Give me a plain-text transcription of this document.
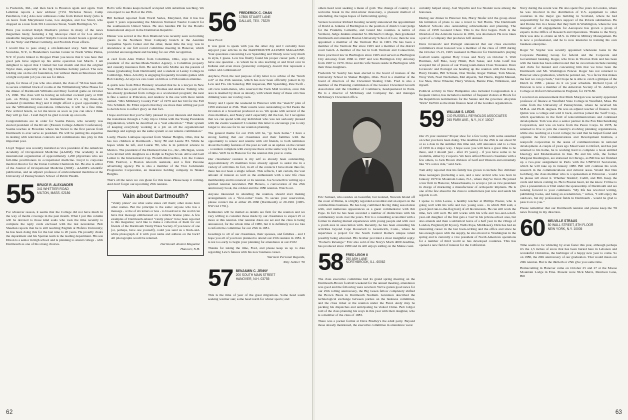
to Frederick, Md., and then back to Houston again and again. Tom Lehrman reports a new address: [7151 Nicholas Street, Camp Pendleton, Cal.] Also new addresses come from Robert Kiely (who is on leave from Marymount Lane, Los Angeles, and Joe Sived, who dropped us a note from 301 Lawrence Street, South Burlington, Vt.

Have you noticed Ralph Dredian's picture in many of the news magazines lately, featuring a big telescope cited at for Los Altos's unsuitable language wrestle? Ralph's Corona model boasts a grand eye for the 'Strip' and Hubert Grimsby, and Fredrick Prout efforts.

I would like to pass along a old-fashioned story. Sam Deuser of Scarsdale, N.Y., is Hunderlen's Garden Center in North White Plains, N.Y. If you're hinted to Dropper Plant you know that it was here that good pals have signed up his entire operation last March. I am delighted to report that I visited but last month and that the original Taylor men, especially at the big Christmas holiday period. The new holding site on the old foundation, but without them architectures with a bright red paint job you can see for miles.

Again, for those of you who also attend, the class of '56 has been able to secure a limited block of rooms at the Williamsburg Wine House for the dinner of Dartmouth Williams and Mary football game on October 15, 1960. The class will be having an informal cocktail party at 9:00 p.m. on Friday, October 14. Remember that it's a big three-day weekend (Columbus Day) and it might afford a good opportunity to see the Williamsburg restorations. Otherwise, it will be a fine time. Few arrived hotels, so let me know as soon as you can since I think they will go fast - I said they'd be glad to trade up on room.

Congratulations are in order for Soame Peters, who recently was elected president of the RCAC (Eastern College Athletic Conference). Soame teaches at Bowdoin where his Stever is the first person from Dartmouth to ever serve as president. He will be putting his expertise in dealing with television contracts and commissions into play in this important post.

Lloyd Tupper was recently installed as vice president of the American Academy of Occupational Medicine (AAOM). The academy is an international organization of approximately 1,200 physicians who are full-time practitioners in occupational medicine. Lloyd is corporate medical director for the Union Carbide Chemicals Inc. He also is editor of the Journal of Occupational Medicine (JOM) - AAOM's scientific publication, and an adjunct professor of environmental medicine at the University of Pennsylvania's School of Public Health.

55 BRUCE R. ALEXANDER
341 WHITTIER ROAD
MILTON, MASS. 02186

For whatever reason, it seems that the College did not have much in the way of media coverage in the past month. What I put this column will be devoted to those kind souls who took the time recently to complete the reply cards enclosed with the last newsletter. Bob Sheehan reports that he is still teaching English at Hofstra University; he has been doing this for the last nine to 20 years. He proudly chairs the department and his Spartan team is the leading department. His son Dixon is a senior in high school and is planning to attend college - with Dartmouth as one of his strong choices.

Bob's wife Donna keeps herself occupied with substitute teaching. We can expect to see Bob at the 25th.

Bill Kelleed reported from World Series, Maryland, that it has has spent 5 years representing the Mexican National Tourist Council for the southeastern United States. He also handles PR for the Borello International Airport in the Dominican Republic.

Dinner was served at the Don Diamond was recently seen welcoming guests to the Northern Trust Company branch at the Austrian Jacqueline Sports Center and the other, mean time the way, was in attendance at our full record committee meeting in Hanover, which provided encouragement and backing for our 25th recognition.

A card from Alan Waller from Columbus, Ohio, says that he is president of the Archer-Meek-Wexler Agency, a Columbus property and casualty insurance firm. He and his wife Mollie are the parents of Susan (graduating from Dartmouth) and a student at Lesley College in Cambridge, Mass. A hobby is engaging frequently in tennis games with Bob Lindley. Al says we can count on him as a 25th reunion attendee.

A quick note from Elliot Hennery revealed that he is a lawyer in New York. Elliot has a pair of twin sons, Thomas and Andrew. Tommy, who has already graduated from college as a accelerated program; the next is fine a senior at Princeton, and Andrew is the one with more tennis named. "Mrs Millsberry County Fair" of 1979 and her bid for the Fall Trio Schmidt. Dr. Elliot reports that they are more than willing per port to decide how to reflect glory on that fact.

I hope and trust that you've fully pleased in your interests and made in the transitions through a 7-day trip to China with the Young Presidents Organization, which he described as a "real education." "Their system of keeping everybody working at a job on all the organizational meetings and sayings are the same system or our returns commission."

Lastly, Hoerie LaRoque reported from Shaker Heights, Ohio, that he has two children at Dartmouth - Terry '80 and Laurie '83. While he hopes while he left, and Laurie '80, who is in political science in Mexico. The president of the Diamond Glue Co., Inc., Michigan, wants to be invited with daughters as a Ralph as Eagles Scout. Alive and Gail Lemur is the International Cap. Fiorelli-Maccardino, Ltd. the Cannes Film Festival, a Boston telecom assistant, and a first Peronne advertising agency. He is also a member of the Vice Jackinstein Progressive Corporation, an insurance holding company in Shaker Heights.

That's all the news we can glean for this issue. Please keep it coming. And don't forget our upcoming 25th reunion.

Vain about Dartmouth?

"Vanity plates" are what some states call them; other states have other names. But the principle is the same: anyone who has a message - or the of six letters or less - to broadcast to the world can have that message emblazoned on a vehicle license plate. A few examples of Dartmouth-related "vanity plates" have been reported to this magazine; we'd like to make a collection of them for our friends of the Dartmouth Vanity Plates Society. If you know of one (or, perhaps, have one yourself), could you send us a black-and-white photograph of it with your name and address on the back? All photographs would be returned.

Dartmouth Alumni Magazine

Hanover, N.H.

56 FREDERICK C. CHAN
17806 STUART LANE
DALLAS, TEX. 75229

Dear Fred:

It was great to speak with you the other day and I certainly have enjoyed your articles in the DARTMOUTH ALUMNI MAGAZINE. Your questions concerning Lew Spaulding and Wendy were very much in style, I guess. Lew has finally found his proper career path. I only have one question - to whom he is also teaching at and lived over in Indiana and even more (yesterday company), doesn't that represent a rather odd combination?

Anyhow, Fred, the real purpose of my letter is to advise of the "lunch roll" at the 25th reunion, which has now been officially joined in by Lew and Flo. On Saturday, Bill Jesperson, Bill Spaulding, Pete Swift - old crew team-mates, who reserved the Tuck Mall location, once this area is deemed by most as already, with whom many of these old class drinking were our rowing roots.

Nancy and I spent the weekend in Hanover with the "sketch" plan of 1956 stationed at 25th. Their results were outstanding so Sid Peeks the Occasion at a broadcast produced as so. We spoke with several of the class members, and Nancy and I especially did the last, for I recognize that we can spend with any individual who was not seriously pleased with the events weekend! I consider this letter to encourage you to stay longer to also see for in our reunion planning.

The general theme for our 25th will be, "go back home." I have a strong feeling that our classmates and their families with the opportunity to renew and reunite with old friends, to both reminisce about the balmy features of the past as well as an update on the current - a reunion complete with everyone there at the same way for the same of time. We'll be in Hanover for the reunion this year to come.

Our classmates' reunion is my self so already been outstanding. Approximately 25 members have already agreed to assist me in a variety of activities. In fact, in all of the contacts I have made thus far, there has not been a single refusal. This reflects, I am certain, the vast amount of interest as well as the enthusiasm with a new life class membership and its renewal or its reunion. Joe Scozzelli is writing up a spirited reunion newsletter. Bill Berezo, a convocation of the 25th anniversary book, the coldest and the 1980 reunion. Watch out.

Anyone interested in attending the reunion, should start making arrangements on a "first-come" basis. To secure your reservation, please contact me at either 20-1960 (Dartmouth) or 20-1961 (1965-NW rnd 1791).

Reminders will be mailed as details are firm for the reunion and we very willing to consider those made by our classmates to expect 25 or more at this reunion. Our reunion dates are set and the class is being announced, for the whole time of 1980, but it is definitely not too late to inform the committee for our 25th in 1981.

Greetings to all of our classmates, their spouses, and families - and I hope you all of you have planned to attend our 25th reunion in 1981. It is not too early to begin your planning for attendance at our 25th!

Thanks for taking the time, Fred, and please keep us up to date regarding Lew's futures with his now business career.

Warmest Personal Regards,

Toby Jaliner '56

57 BENJAMIN C. JENNY
200 SOUTH MAIN STREET
HANOVER, N.H. 03755

This is the time of year of the great migrations. Some head south seeking warmer sun; some head north for winter sports; and

62

others head west seeking a mean of gold. The change of country is a welcome break in the mid-winter monotony, a pleasant method of unwinding, the vague hopes of forthcoming spring.

Vernon Governor Richard Keating recently announced the appointment of David A. Jenkins of Burlington to the position of district court judge for the Franklin, Lamoille, and Grand Isle counties. A native of Vermont, Judge Jenkins attended St. Michael's College, then graduated Dartmouth and attended Boston University School of Law, then he was appointed a member of the Vermont Bar in 1963. He has been a member of the Vermont Bar since 1963 and a member of the district court bench. A member of the bar in both Vermont and Connecticut, Dave practiced law in Burlington since 1965 and served as Burlington City Attorney from 1966 to 1967 and was Burlington City Attorney from 1967 to 1970. Dave and his wife Susan reside in Burlington with their three daughters.

Frederick W. Searby has been elected to the board of trustees of the University School in Shaker Heights, Ohio. Fred is a member of the board of directors of the Cleveland Skating Club. Fred is also a member of the Planning commission of the Greater Cleveland Growth Association and the Chamber of Commerce, headquartered in Paris. He is a director of McKinsey and Company Inc. and manages McKinsey's Cleveland office.

Eric Samuel, who resides on beautiful, but isolated, Newark Island off the coast of Maine, is a highly regarded economist and an expert on the commodities business. He has long combined his big thing association with, and numerous appearances as a guest commentator with Jim Pope. In fact he has been awarded a number of distinctions with his commentary work over the years. Eric is a consulting economist with a former in sharing mutual experiences with young people and with over a youth area in association with. Recently, he has been extending his activities beyond Cape Roosevelt to Greenwich, Conn., where he supervises a project for the South Central Rome's unique talent possibly being educated. His brother provided a most insightful reply: "Pocket's Revenge." Eric also sold of the Navy's Mach 4000 deadline, has produced since 1980 and its still enjoys sailing on the Maine coast.

58 FRED LEIGH II
250 ASH LANE
NORTHBROOK, ILL. 60062

The class executive committee had its grand spring meeting on the Dartmouth-Brown football weekend for the annual meeting, attendance was good and the following were received. We've gotten good news for our 25th rolling anniversary, the Big Green fellow completely shifted the Brown Bears in Dartmouth Stadium. Grunnion described the technological exchange between parties on the business committee, and the class ticket at the reunion under the Fund. Andy may be packing his dispatches and anticipating he visited China. Bob Gilgor told of the class planning his ways in this year with their daughter, who is a member of the class of 1983.

There was a packet format at Dave Bradley's the adult party. Beyond those already mentioned, the executive committee in attendance were:

certainly helped along. Joel Shyerlin and Joe Shatski were among the honorees.

During our dinner in Hanover Inn, Harry Shafer told the group about his initiation of plans to use a travel to Ted Harris. The Dartmouth Medical Schools also outstanding achievements and planning. The class of 1958 Leonard Cherr. This is the first begun. Each is the librarian of the Aristotle Greece in 1965, was shortened. He now takes a part of a company that produces Gift Annual.

Dave Jovanovic and Portugal announced that our class executive committee's most honored was a member of the class of 1958 during the October 15-15, 1965 weekend in Hanover for Dartmouth's playing football teams against Holy Cross and Navy on October 3. Walt Hartman, Jeff Bale, Gary Hinitt, Bob Saker, and John Graff has accepted list of places of our Young team-mates Class Treasurer. Dave Jovanovic and Portugal are heading up the reunion with Pete Kates, Harry Doskin, Bill Schwan, Don Shafer, Roger Walker, Tom Mason, Wray Vath, Noel Nachaman, Mel Alperin, Ted Harris, Rajphi Manuel, Joe Shea, Dave Wheeler, Harry Watson, Bernie Pine, Wilkinson, and myself.

Political activity in New Hampshire also included Congressman is a frequent visitor, has included a number of frequent visitors at Brock for the Republican nominations for the Senate and the governor. Aloysius "Rick" DeWitt as the main finance head of the Gardner organization.

59 WILLIAM S. LEDIS
C/O RUSSELL REYNOLDS ASSOCIATES
245 PARK AVE., N.Y., N.Y. 10017

Our 25 year reunion? Proper shoe for a few today with some assumed on what you have been doing. The deadline for the 25th is out about 50 or so a date in the summer this time and, will announce and to a class of 1959 in a major way. I hope soon you will have a great time to be there, and I should just - after 25 years) - if you have some to be available, either by 2 reports. We have Alfred Brown's classmate with a few others, to Jack Brown division of Gulf and Western and extremely like "It's a nice ride," said Jack.

Tom Alby reported that his family has grown to include five children: three teenagers (including a son, and a new arrival who was born in January 1979 in Mountain Lakes, N.J., where they've lived. He joined a law firm in Hanover, Massachusetts, to accept a job as vice president in charge of marketing a manufacturer of orthopedic implants. He is one of the few ahead in the class to remain here just now and sends his regards to all.

I spoke to John Leone, a healthy teacher at Phillips Exeter, who is going well with his wife and two young sons - in which Bill said, a good (and run-to-the-flag hair) of all his interests. He can still work the time, he's still well. He still works with his wife and two-and-a-half-year-old daughter of the first gets a 'cast' in his private-school area, but also attends and then a sabbatical leave of a half year in the village of London, England (40 Kyoto), Wells Pope, Middlesex). Dick has had an interesting career in the last book-writing and the office and since he has enough space with the supply, he also moved to Washington in the spring and is currently a vice president of North American operations for a number of third world so has developed countries. This has opened a new field of interest for the Californian

Navy during the recent war. He also spent five years in London, where he was involved in the distribution of U.S. equipment to other countries in the major gas building in Scotland, where he had responsibility for the logistics support of the Polaris submarines. He and Donna live in a house that they built in Washington, where he was manager of all engagements for Aerospace has grown a group of experts in the Office of Research and Operations. Thanks to the Navy, Dick was able to obtain an M.S. in 1962 in Military Management. He is now a professional, and he is now intensive in training his own business enterprise.

Roger W. Snyder was recently appointed wholesale loans in the Corporate Banking Group for federal and the Corporate and Government banking. Roger, who lives in Thorton Park and has been with the bank has been added noted that he avocations include running and clubs for hunted and concerning him that we have been the Dartmouth and Mt. Washington Fencer. Roger has not returned to Hanover since graduation, which he pointed out, "is a factor that makes me feel we can go back," but I hope he is able to catch a glimpse of the Dutch in 1986 - please do it on your schedule. Richard Lyon of Dawson is now a member of the American Society of St. Anthony's College at Oxford Universities in England, for 1979-80.

I received an announcement that Mark Morgan was recently appointed professor of finance at Westfield State College in Westfield, Mass. He came from the University of Pennsylvania, where he received his M.B.A. and Ph.D. degrees. He was an adjunct teacher of finance. Tom Quinn was a college and sold it back, and has joined the 'Gulf' Corp., which specializes in the field of telecommunications and continued development. Tom was also a senior partner in the Fan Merchandising Corporation, and was on leave from the Peace Corps. In 1978, he returned to live to join the country's evolving planning organizations, while also teaching at a local college; he said that he helped found and organize the first Communications and Development Institute, a nonprofit corporation in the arena of communications in national development. A couple of years ago Mead went to Oxford, and has just returned to his home, he is working hard to complete a book entitled Ideology and Modernisation in Iran. He and his wife, the former Margaret Rushington, are stationed in Chicago, as Bill has not finished up a two-year assignment in Paris with the UNESCO Secretariat, which he will take up in January 1980. Bill will continue his work research in the communications and cultural areas. Would that Dan Goldberg, the class member who is a spokesman at Princeton - would he please tell about it. Whether 'Rashid', Cadill, and Bill. Keep the cards and letters coming in. He is Boston heart, let me know. I'd like to give a presentation or Dial under the sponsorship of Dartmouth and are looking forward to your comments. "My life has revolved writing, publishing books, and being an academician, " writes, "I still enjoy the outdoors, but my professional fields in Dartmouth - would be glad to pass it on to you."

Please remember that our Dartmouth reunion and please keep the '59 news flowing in my direction.

60 MELVILLE STRAUS
80 WALL STREET, 8TH FLOOR
NEW YORK, N.Y. 10005

Time seems to be whizzing by even faster this year, although perhaps it's the 1,5 inches of snow that has been buried here in Lebanon and wonderful Christmas, the harbinger of a happy new year to come. So on 1980, the 20th anniversary of our graduation. That would mean our 20th reunion. But is the thirtieth or 25th give you some time.

Homecoming in Hanover came on October 25 and 27 at the Moose Mountain Lodge in Etna. Present were Nick Mertz, Merrison Lane, Bill

63
